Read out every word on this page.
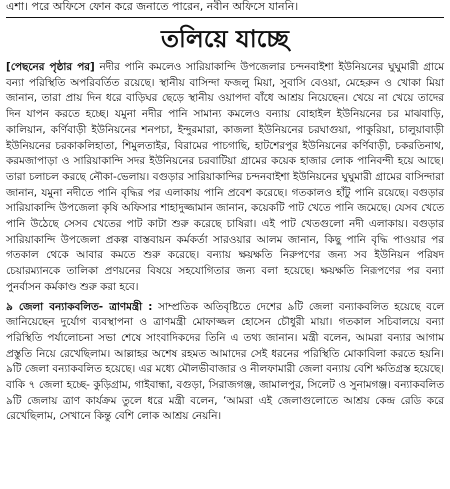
এশা। পরে অফিসে ফোন করে জনাতে পারেন, নবীন অফিসে যাননি।

তলিয়ে যাচ্ছে

[পেছনের পৃষ্ঠার পর] নদীর পানি কমলেও সারিয়াকান্দি উপজেলার চন্দনবাইশা ইউনিয়নের ঘুঘুমারী গ্রামে বন্যা পরিস্থিতি অপরিবর্তিত রয়েছে। স্থানীয় বাসিন্দা ফজলু মিয়া, সুবাসি বেওয়া, মেহেরুন ও খোকা মিয়া জানান, তারা প্রায় দিন ধরে বাড়িঘর ছেড়ে স্থানীয় ওয়াপদা বাঁধে আশ্রয় নিয়েছেন। খেয়ে না খেয়ে তাদের দিন যাপন করতে হচ্ছে। যমুনা নদীর পানি সামান্য কমলেও বন্যায় বোহাইল ইউনিয়নের চর মাঝবাড়ি, কালিয়ান, কর্ণিবাড়ী ইউনিয়নের শনপচা, ইন্দুরমারা, কাজলা ইউনিয়নের চরঘাগুয়া, পাকুরিয়া, চালুয়াবাড়ী ইউনিয়নের চরকাকলিহাতা, শিমুলতাইর, বিরামের পাচগাছি, হাটশেরপুর ইউনিয়নের কর্ণিবাড়ী, চকরতিনাথ, করমজাপাড়া ও সারিয়াকান্দি সদর ইউনিয়নের চরবাটিয়া গ্রামের কয়েক হাজার লোক পানিবন্দী হয়ে আছে। তারা চলাচল করছে নৌকা-ভেলায়। বগুড়ার সারিয়াকান্দির চন্দনবাইশা ইউনিয়নের ঘুঘুমারী গ্রামের বাসিন্দারা জানান, যমুনা নদীতে পানি বৃদ্ধির পর এলাকায় পানি প্রবেশ করেছে। গতকালও হাঁটু পানি রয়েছে। বগুড়ার সারিয়াকান্দি উপজেলা কৃষি অফিসার শাহাদুজ্জামান জানান, কয়েকটি পাট খেতে পানি জমেছে। যেসব খেতে পানি উঠেছে সেসব খেতের পাট কাটা শুরু করেছে চাষিরা। এই পাট খেতগুলো নদী এলাকায়। বগুড়ার সারিয়াকান্দি উপজেলা প্রকল্প বাস্তবায়ন কর্মকর্তা সারওয়ার আলম জানান, কিছু পানি বৃদ্ধি পাওয়ার পর গতকাল থেকে আবার কমতে শুরু করেছে। বন্যায় ক্ষয়ক্ষতি নিরুপণের জন্য সব ইউনিয়ন পরিষদ চেয়ারম্যানকে তালিকা প্রণয়নের বিষয়ে সহযোগিতার জন্য বলা হয়েছে। ক্ষয়ক্ষতি নিরূপণের পর বন্যা পুনর্বাসন কর্মকাণ্ড শুরু করা হবে।

৯ জেলা বন্যাকবলিত- ত্রাণমন্ত্রী : সাম্প্রতিক অতিবৃষ্টিতে দেশের ৯টি জেলা বন্যাকবলিত হয়েছে বলে জানিয়েছেন দুর্যোগ ব্যবস্থাপনা ও ত্রাণমন্ত্রী মোফাজ্জল হোসেন চৌধুরী মায়া। গতকাল সচিবালয়ে বন্যা পরিস্থিতি পর্যালোচনা সভা শেষে সাংবাদিকদের তিনি এ তথ্য জানান। মন্ত্রী বলেন, আমরা বন্যার আগাম প্রস্তুতি নিয়ে রেখেছিলাম। আল্লাহর অশেষ রহমত আমাদের সেই ধরনের পরিস্থিতি মোকাবিলা করতে হয়নি। ৯টি জেলা বন্যাকবলিত হয়েছে। এর মধ্যে মৌলভীবাজার ও নীলফামারী জেলা বন্যায় বেশি ক্ষতিগ্রস্ত হয়েছে। বাকি ৭ জেলা হচ্ছে- কুড়িগ্রাম, গাইবান্ধা, বগুড়া, সিরাজগঞ্জ, জামালপুর, সিলেট ও সুনামগঞ্জ। বন্যাকবলিত ৯টি জেলায় ত্রাণ কার্যক্রম তুলে ধরে মন্ত্রী বলেন, ‘আমরা এই জেলাগুলোতে আশ্রয় কেন্দ্র রেডি করে রেখেছিলাম, সেখানে কিন্তু বেশি লোক আশ্রয় নেয়নি।
